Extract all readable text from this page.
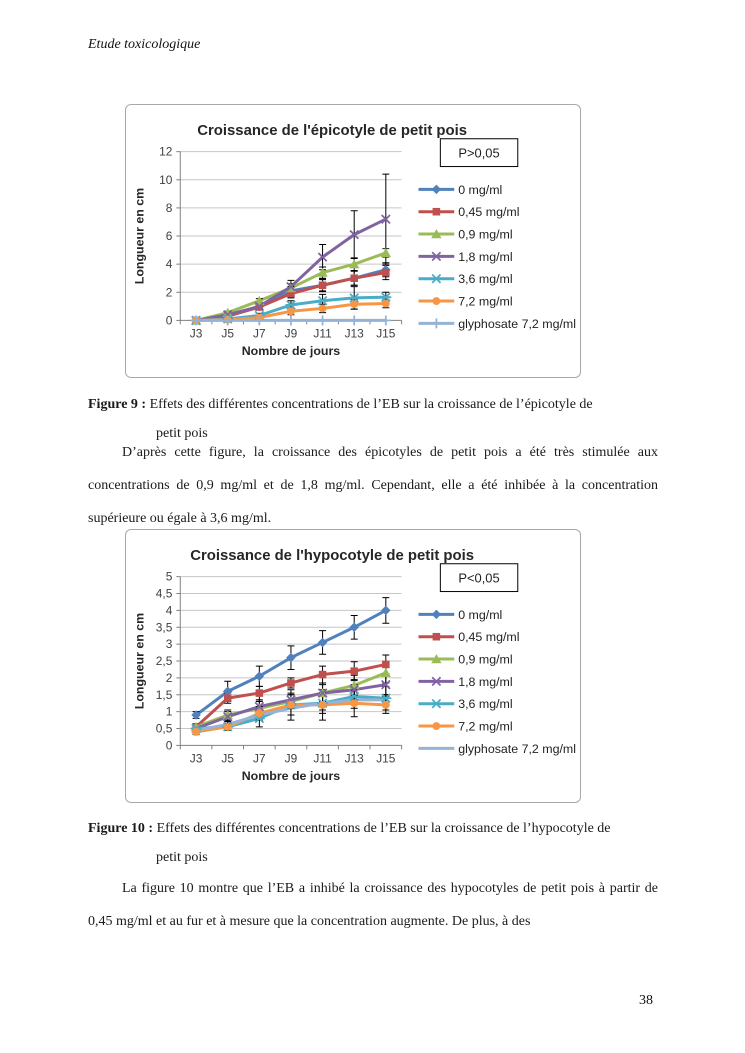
Etude toxicologique
0
2
4
6
8
10
12
J3 J5 J7 J9 J11 J13 J15
Croissance de l'épicotyle de petit pois
Longueur en cm
Nombre de jours
P>0,05
0 mg/ml
0,45 mg/ml
0,9 mg/ml
1,8 mg/ml
3,6 mg/ml
7,2 mg/ml
glyphosate 7,2 mg/ml
Figure 9 : Effets des différentes concentrations de l’EB sur la croissance de l’épicotyle de
petit pois
D’après cette figure, la croissance des épicotyles de petit pois a été très stimulée aux concentrations de 0,9 mg/ml et de 1,8 mg/ml. Cependant, elle a été inhibée à la concentration supérieure ou égale à 3,6 mg/ml.
0
0,5
1
1,5
2
2,5
3
3,5
4
4,5
5
J3 J5 J7 J9 J11 J13 J15
Croissance de l'hypocotyle de petit pois
Longueur en cm
Nombre de jours
P<0,05
0 mg/ml
0,45 mg/ml
0,9 mg/ml
1,8 mg/ml
3,6 mg/ml
7,2 mg/ml
glyphosate 7,2 mg/ml
Figure 10 : Effets des différentes concentrations de l’EB sur la croissance de l’hypocotyle de
petit pois
La figure 10 montre que l’EB a inhibé la croissance des hypocotyles de petit pois à partir de 0,45 mg/ml et au fur et à mesure que la concentration augmente. De plus, à des
38
